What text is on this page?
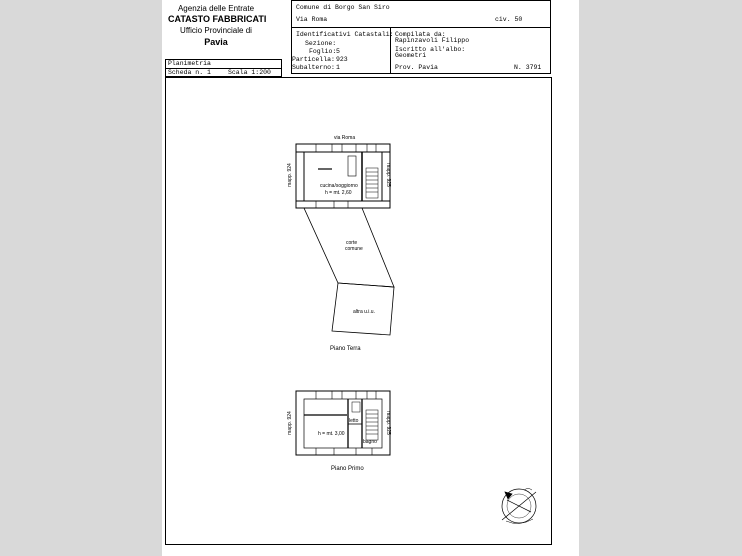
Agenzia delle Entrate
CATASTO FABBRICATI
Ufficio Provinciale di
Pavia
Comune di Borgo San Siro
Via Roma	civ. 50
Identificativi Catastali:
Sezione:
Foglio: 5
Particella: 923
Subalterno: 1
Compilata da:
Rapinzavoli Filippo
Iscritto all'albo:
Geometri
Prov. Pavia	N. 3791
Planimetria
Scheda n. 1	Scala 1:200
via Roma
cucina/soggiorno
h = mt. 2,60
corte
comune
altra u.i.u.
Piano Terra
h = mt. 3,00
bagno
letto
Piano Primo
mapp. 924	mapp. 925
mapp. 924	mapp. 925
